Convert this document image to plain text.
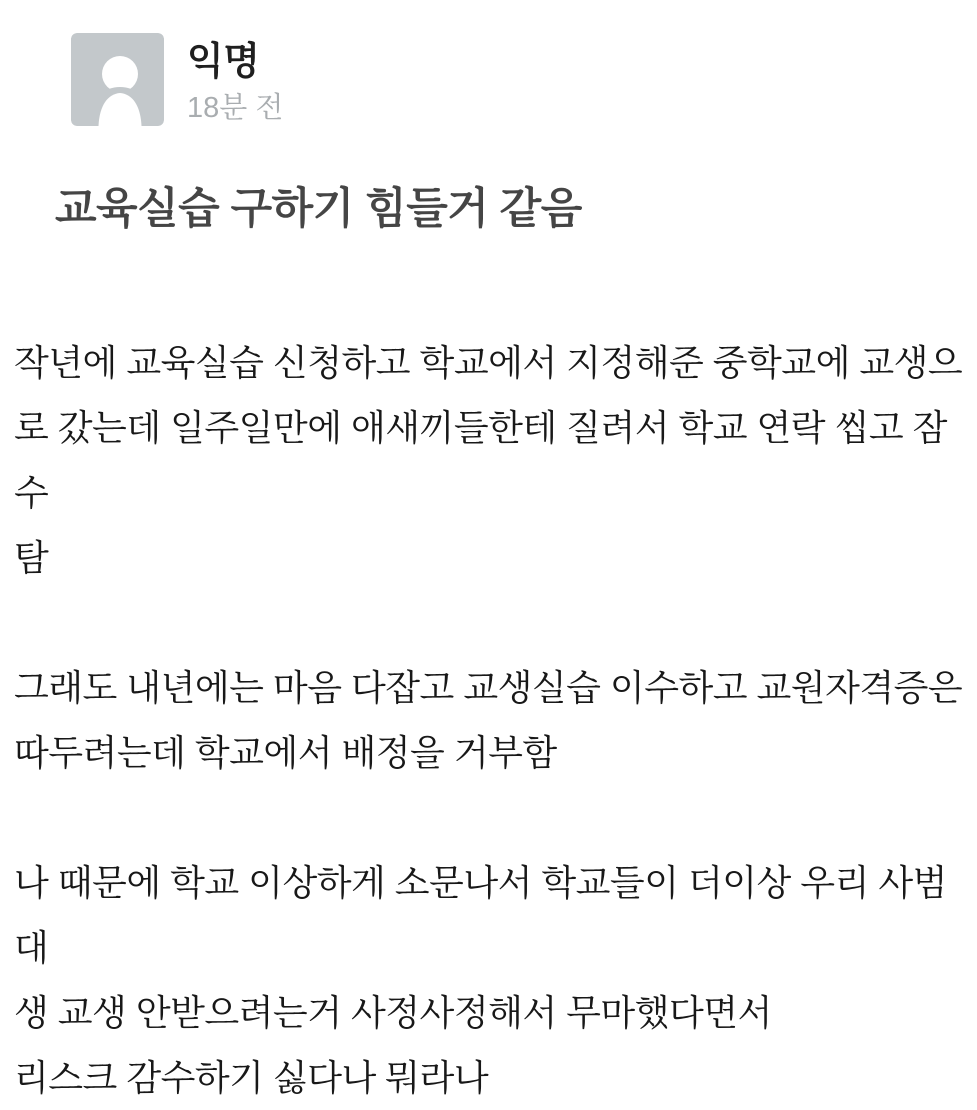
익명
18분 전
교육실습 구하기 힘들거 같음
작년에 교육실습 신청하고 학교에서 지정해준 중학교에 교생으
로 갔는데 일주일만에 애새끼들한테 질려서 학교 연락 씹고 잠수
탐
그래도 내년에는 마음 다잡고 교생실습 이수하고 교원자격증은
따두려는데 학교에서 배정을 거부함
나 때문에 학교 이상하게 소문나서 학교들이 더이상 우리 사범대
생 교생 안받으려는거 사정사정해서 무마했다면서
리스크 감수하기 싫다나 뭐라나
